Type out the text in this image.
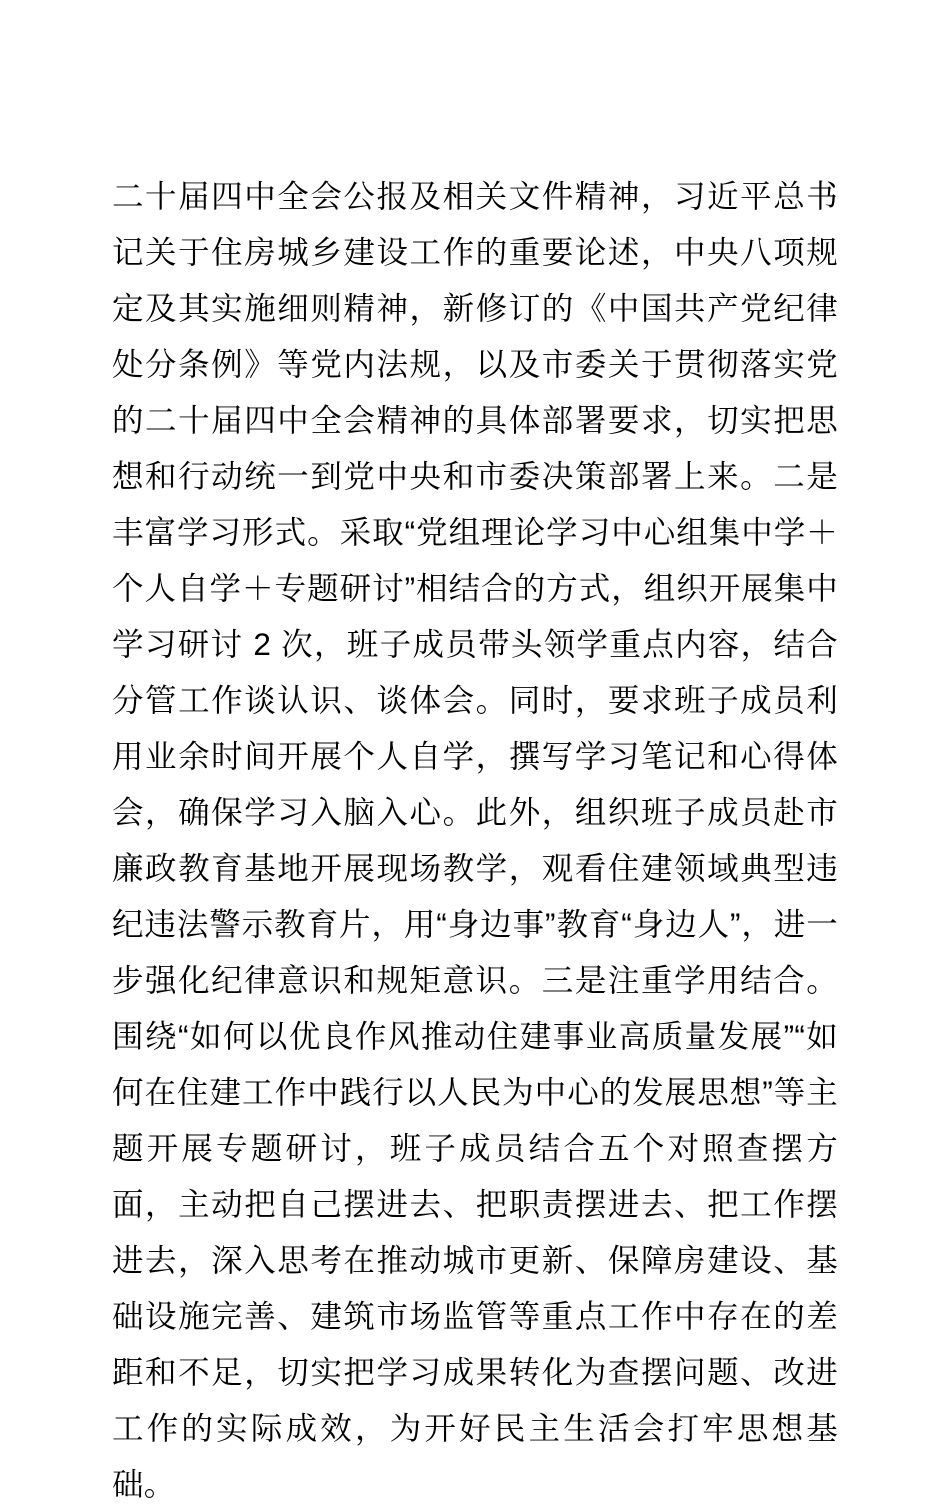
二十届四中全会公报及相关文件精神，习近平总书记关于住房城乡建设工作的重要论述，中央八项规定及其实施细则精神，新修订的《中国共产党纪律处分条例》等党内法规，以及市委关于贯彻落实党的二十届四中全会精神的具体部署要求，切实把思想和行动统一到党中央和市委决策部署上来。二是丰富学习形式。采取“党组理论学习中心组集中学＋个人自学＋专题研讨”相结合的方式，组织开展集中学习研讨 2 次，班子成员带头领学重点内容，结合分管工作谈认识、谈体会。同时，要求班子成员利用业余时间开展个人自学，撰写学习笔记和心得体会，确保学习入脑入心。此外，组织班子成员赴市廉政教育基地开展现场教学，观看住建领域典型违纪违法警示教育片，用“身边事”教育“身边人”，进一步强化纪律意识和规矩意识。三是注重学用结合。围绕“如何以优良作风推动住建事业高质量发展”“如何在住建工作中践行以人民为中心的发展思想”等主题开展专题研讨，班子成员结合五个对照查摆方面，主动把自己摆进去、把职责摆进去、把工作摆进去，深入思考在推动城市更新、保障房建设、基础设施完善、建筑市场监管等重点工作中存在的差距和不足，切实把学习成果转化为查摆问题、改进工作的实际成效，为开好民主生活会打牢思想基础。
